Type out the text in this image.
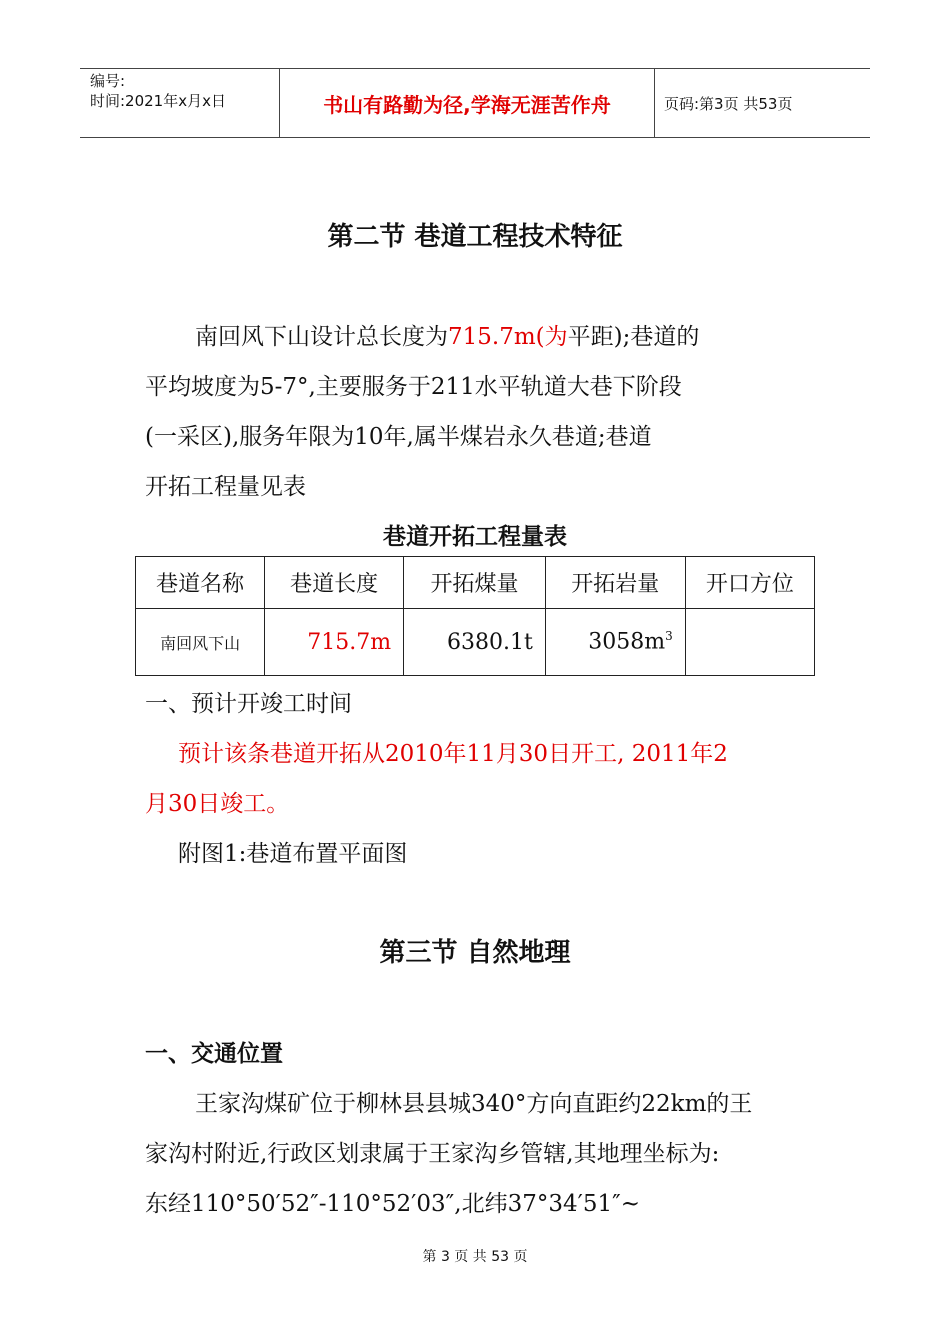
编号:
时间:2021年x月x日	书山有路勤为径,学海无涯苦作舟	页码:第3页 共53页
第二节 巷道工程技术特征
南回风下山设计总长度为715.7m(为平距);巷道的
平均坡度为5-7°,主要服务于211水平轨道大巷下阶段
(一采区),服务年限为10年,属半煤岩永久巷道;巷道
开拓工程量见表
巷道开拓工程量表
巷道名称	巷道长度	开拓煤量	开拓岩量	开口方位
南回风下山	715.7m	6380.1t	$3058m^3$	
一、预计开竣工时间
预计该条巷道开拓从2010年11月30日开工, 2011年2
月30日竣工。
附图1:巷道布置平面图
第三节 自然地理
一、交通位置
王家沟煤矿位于柳林县县城340°方向直距约22km的王
家沟村附近,行政区划隶属于王家沟乡管辖,其地理坐标为:
东经110°50′52″-110°52′03″,北纬37°34′51″~
第 3 页 共 53 页
